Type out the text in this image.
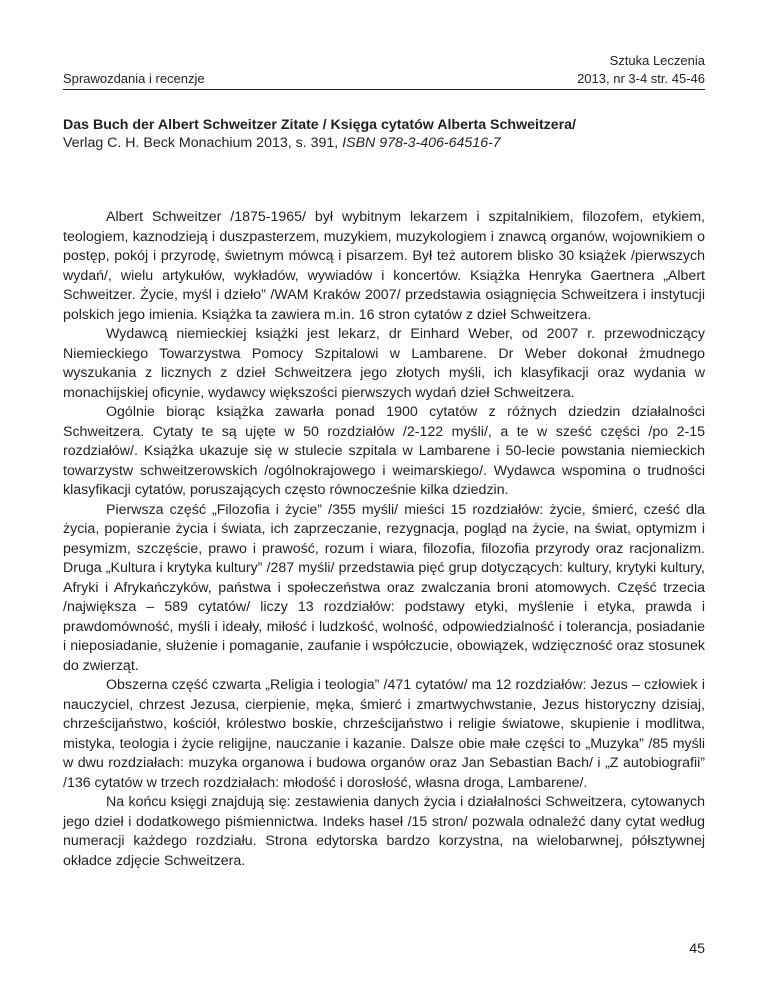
Sprawozdania i recenzje
Sztuka Leczenia
2013, nr 3-4 str. 45-46
Das Buch der Albert Schweitzer Zitate / Księga cytatów Alberta Schweitzera/
Verlag C. H. Beck Monachium 2013, s. 391, ISBN 978-3-406-64516-7

Albert Schweitzer /1875-1965/ był wybitnym lekarzem i szpitalnikiem, filozofem, etykiem, teologiem, kaznodzieją i duszpasterzem, muzykiem, muzykologiem i znawcą organów, wojownikiem o postęp, pokój i przyrodę, świetnym mówcą i pisarzem. Był też autorem blisko 30 książek /pierwszych wydań/, wielu artykułów, wykładów, wywiadów i koncertów. Książka Henryka Gaertnera „Albert Schweitzer. Życie, myśl i dzieło” /WAM Kraków 2007/ przedstawia osiągnięcia Schweitzera i instytucji polskich jego imienia. Książka ta zawiera m.in. 16 stron cytatów z dzieł Schweitzera.

Wydawcą niemieckiej książki jest lekarz, dr Einhard Weber, od 2007 r. przewodniczący Niemieckiego Towarzystwa Pomocy Szpitalowi w Lambarene. Dr Weber dokonał żmudnego wyszukania z licznych z dzieł Schweitzera jego złotych myśli, ich klasyfikacji oraz wydania w monachijskiej oficynie, wydawcy większości pierwszych wydań dzieł Schweitzera.

Ogólnie biorąc książka zawarła ponad 1900 cytatów z różnych dziedzin działalności Schweitzera. Cytaty te są ujęte w 50 rozdziałów /2-122 myśli/, a te w sześć części /po 2-15 rozdziałów/. Książka ukazuje się w stulecie szpitala w Lambarene i 50-lecie powstania niemieckich towarzystw schweitzerowskich /ogólnokrajowego i weimarskiego/. Wydawca wspomina o trudności klasyfikacji cytatów, poruszających często równocześnie kilka dziedzin.

Pierwsza część „Filozofia i życie” /355 myśli/ mieści 15 rozdziałów: życie, śmierć, cześć dla życia, popieranie życia i świata, ich zaprzeczanie, rezygnacja, pogląd na życie, na świat, optymizm i pesymizm, szczęście, prawo i prawość, rozum i wiara, filozofia, filozofia przyrody oraz racjonalizm. Druga „Kultura i krytyka kultury” /287 myśli/ przedstawia pięć grup dotyczących: kultury, krytyki kultury, Afryki i Afrykańczyków, państwa i społeczeństwa oraz zwalczania broni atomowych. Część trzecia /największa – 589 cytatów/ liczy 13 rozdziałów: podstawy etyki, myślenie i etyka, prawda i prawdomówność, myśli i ideały, miłość i ludzkość, wolność, odpowiedzialność i tolerancja, posiadanie i nieposiadanie, służenie i pomaganie, zaufanie i współczucie, obowiązek, wdzięczność oraz stosunek do zwierząt.

Obszerna część czwarta „Religia i teologia” /471 cytatów/ ma 12 rozdziałów: Jezus – człowiek i nauczyciel, chrzest Jezusa, cierpienie, męka, śmierć i zmartwychwstanie, Jezus historyczny dzisiaj, chrześcijaństwo, kościół, królestwo boskie, chrześcijaństwo i religie światowe, skupienie i modlitwa, mistyka, teologia i życie religijne, nauczanie i kazanie. Dalsze obie małe części to „Muzyka” /85 myśli w dwu rozdziałach: muzyka organowa i budowa organów oraz Jan Sebastian Bach/ i „Z autobiografii” /136 cytatów w trzech rozdziałach: młodość i dorosłość, własna droga, Lambarene/.

Na końcu księgi znajdują się: zestawienia danych życia i działalności Schweitzera, cytowanych jego dzieł i dodatkowego piśmiennictwa. Indeks haseł /15 stron/ pozwala odnaleźć dany cytat według numeracji każdego rozdziału. Strona edytorska bardzo korzystna, na wielobarwnej, półsztywnej okładce zdjęcie Schweitzera.

45
